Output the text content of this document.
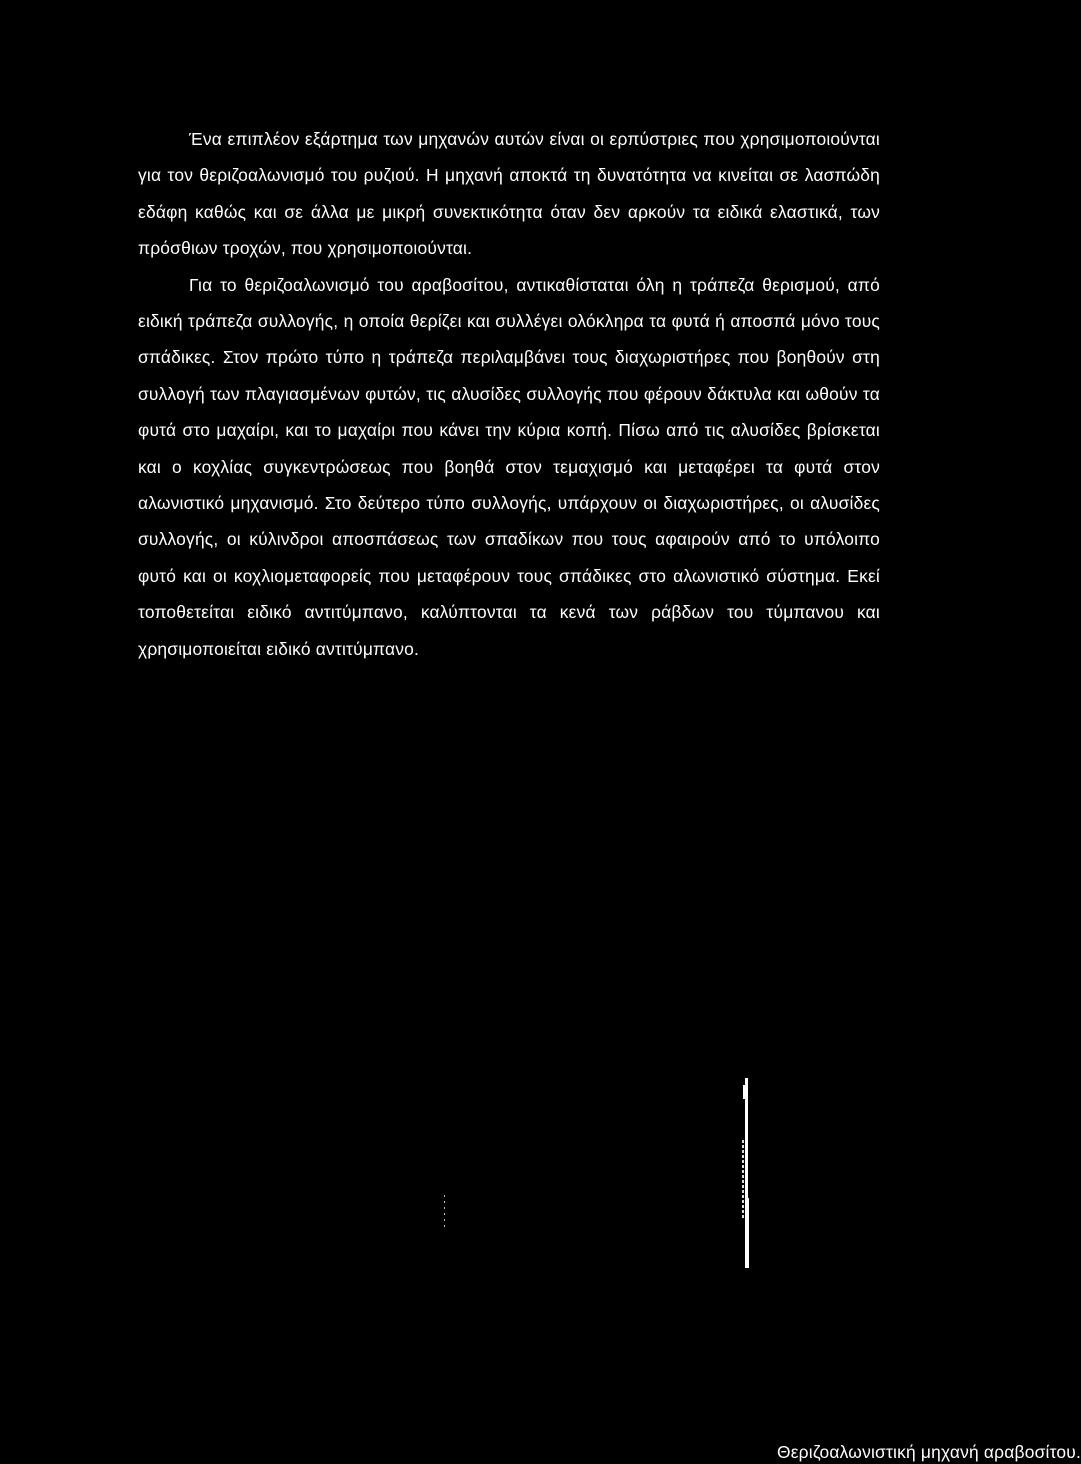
Ένα επιπλέον εξάρτημα των μηχανών αυτών είναι οι ερπύστριες που χρησιμοποιούνται για τον θεριζοαλωνισμό του ρυζιού. Η μηχανή αποκτά τη δυνατότητα να κινείται σε λασπώδη εδάφη καθώς και σε άλλα με μικρή συνεκτικότητα όταν δεν αρκούν τα ειδικά ελαστικά, των πρόσθιων τροχών, που χρησιμοποιούνται.

Για το θεριζοαλωνισμό του αραβοσίτου, αντικαθίσταται όλη η τράπεζα θερισμού, από ειδική τράπεζα συλλογής, η οποία θερίζει και συλλέγει ολόκληρα τα φυτά ή αποσπά μόνο τους σπάδικες. Στον πρώτο τύπο η τράπεζα περιλαμβάνει τους διαχωριστήρες που βοηθούν στη συλλογή των πλαγιασμένων φυτών, τις αλυσίδες συλλογής που φέρουν δάκτυλα και ωθούν τα φυτά στο μαχαίρι, και το μαχαίρι που κάνει την κύρια κοπή. Πίσω από τις αλυσίδες βρίσκεται και ο κοχλίας συγκεντρώσεως που βοηθά στον τεμαχισμό και μεταφέρει τα φυτά στον αλωνιστικό μηχανισμό. Στο δεύτερο τύπο συλλογής, υπάρχουν οι διαχωριστήρες, οι αλυσίδες συλλογής, οι κύλινδροι αποσπάσεως των σπαδίκων που τους αφαιρούν από το υπόλοιπο φυτό και οι κοχλιομεταφορείς που μεταφέρουν τους σπάδικες στο αλωνιστικό σύστημα. Εκεί τοποθετείται ειδικό αντιτύμπανο, καλύπτονται τα κενά των ράβδων του τύμπανου και χρησιμοποιείται ειδικό αντιτύμπανο.

Θεριζοαλωνιστική μηχανή αραβοσίτου.
